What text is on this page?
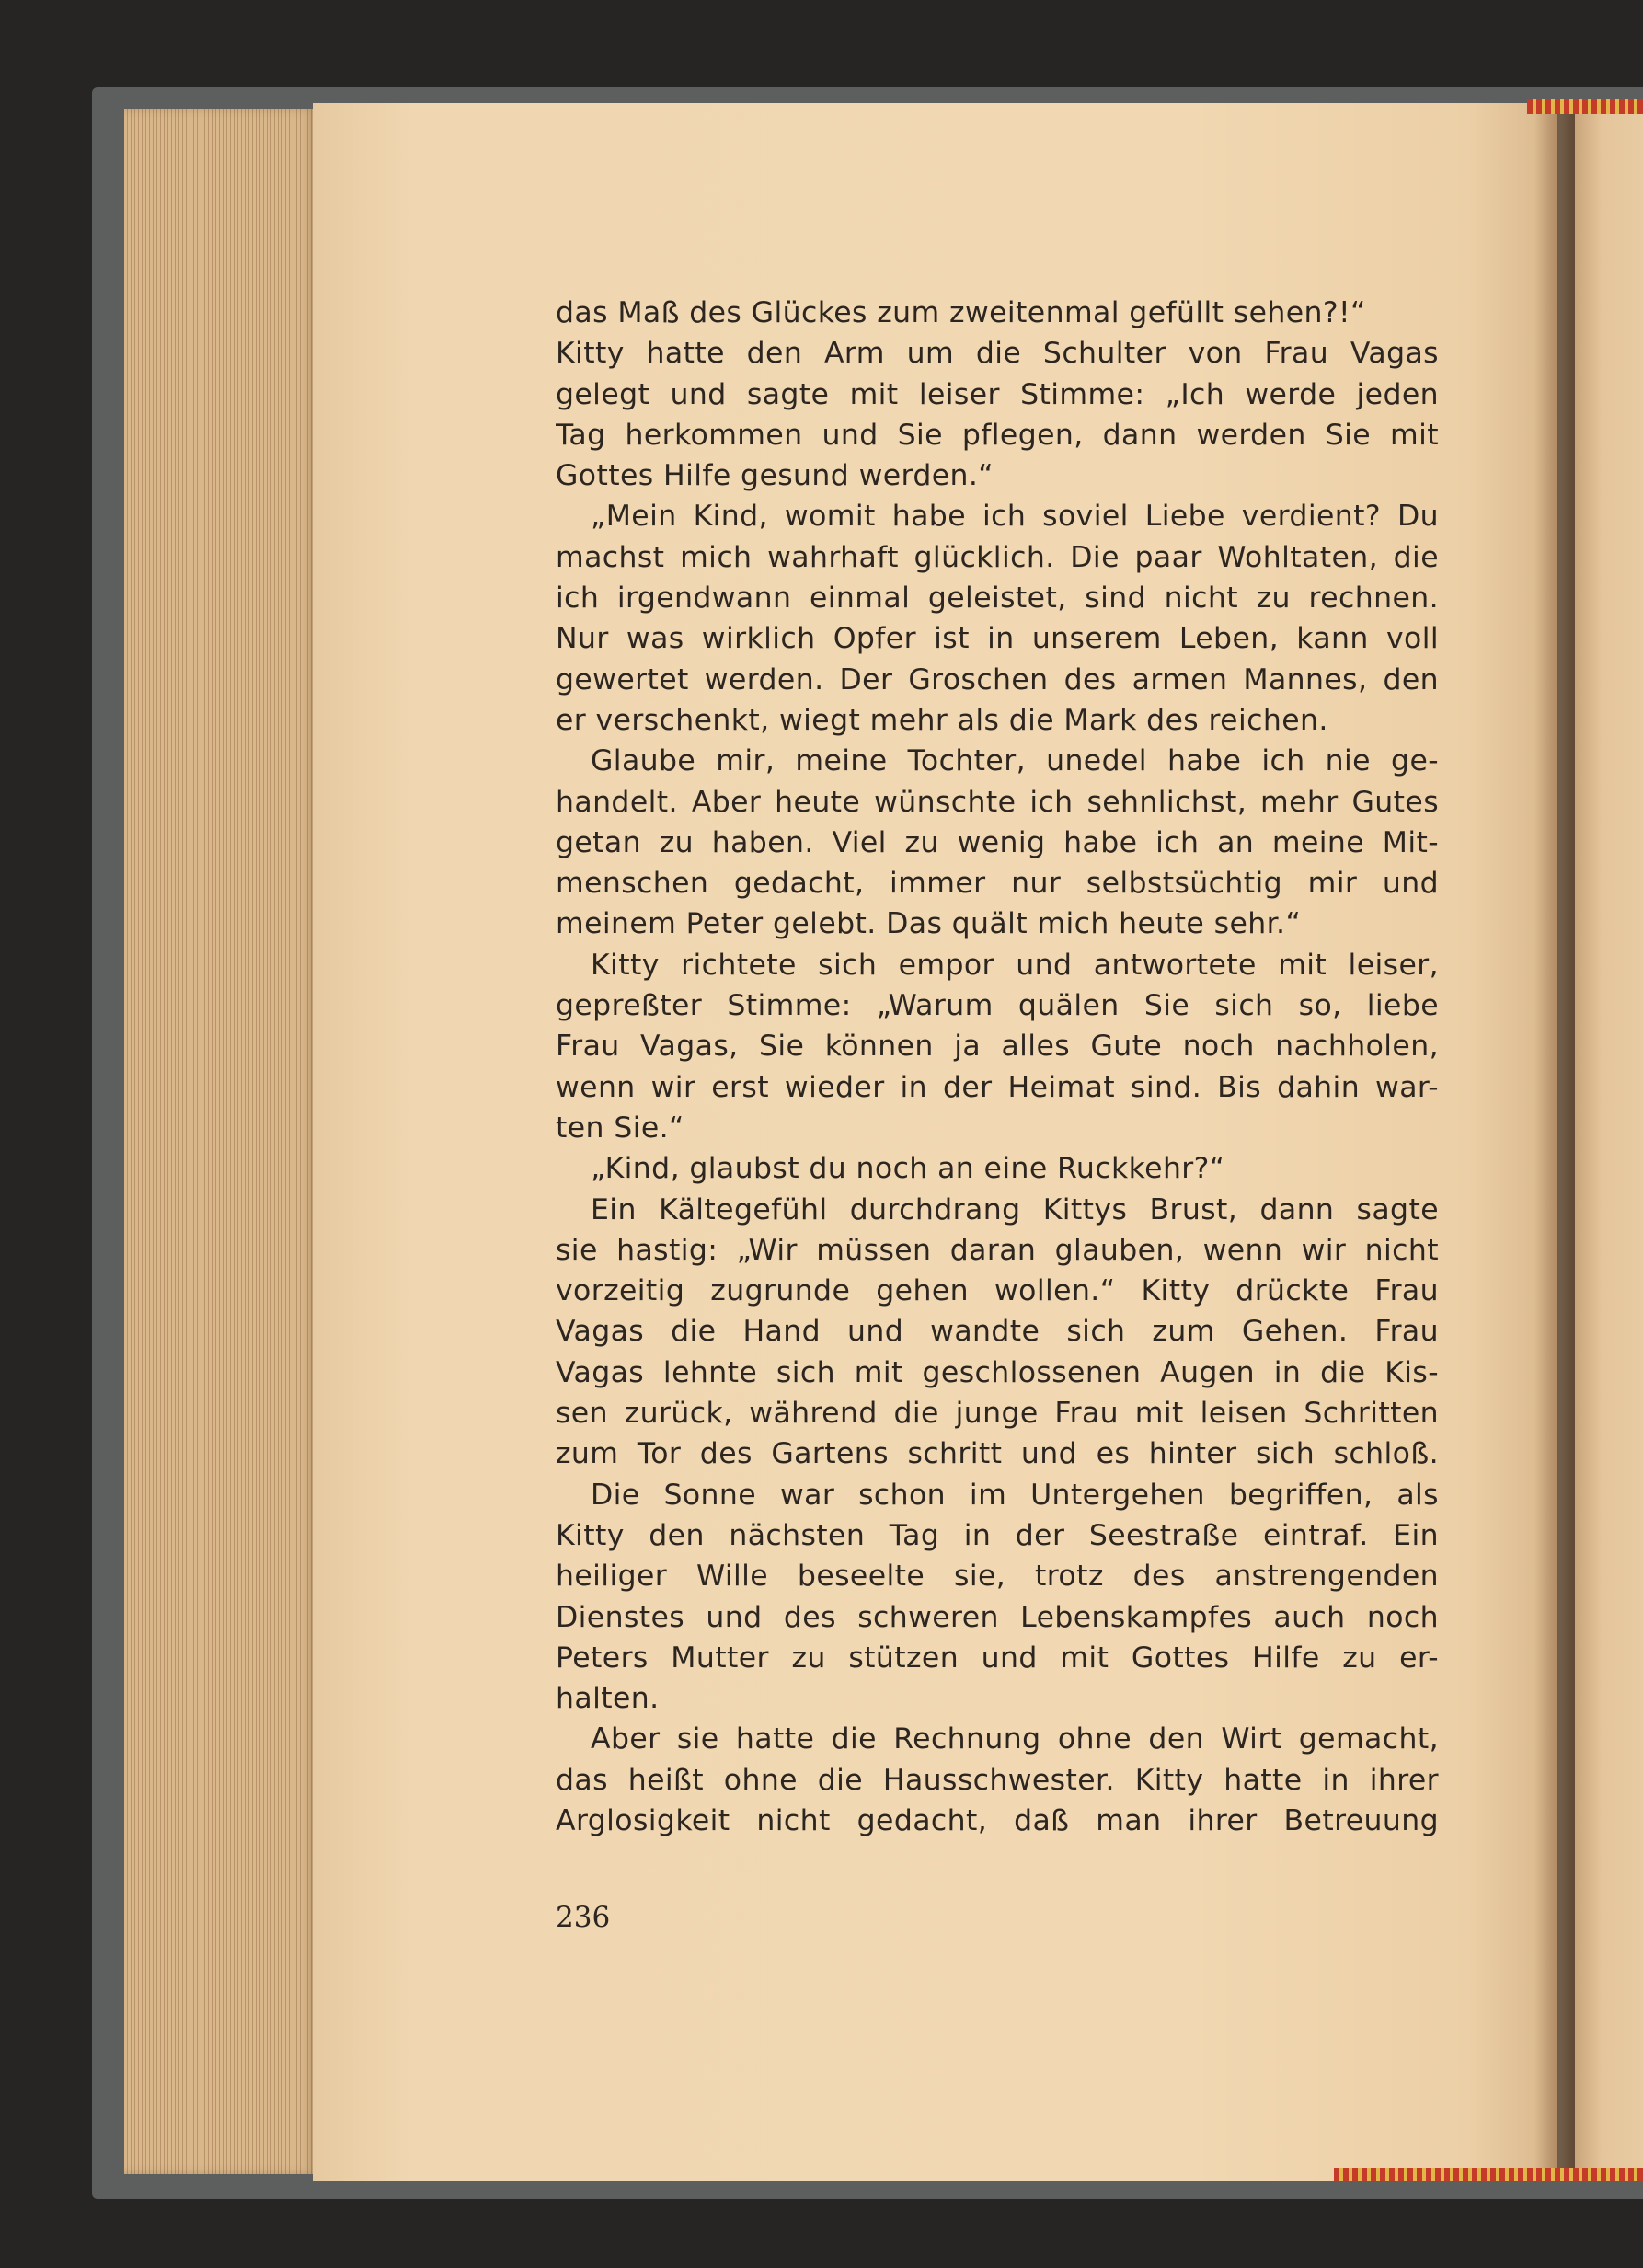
das Maß des Glückes zum zweitenmal gefüllt sehen?!“
Kitty hatte den Arm um die Schulter von Frau Vagas
gelegt und sagte mit leiser Stimme: „Ich werde jeden
Tag herkommen und Sie pflegen, dann werden Sie mit
Gottes Hilfe gesund werden.“
„Mein Kind, womit habe ich soviel Liebe verdient? Du
machst mich wahrhaft glücklich. Die paar Wohltaten, die
ich irgendwann einmal geleistet, sind nicht zu rechnen.
Nur was wirklich Opfer ist in unserem Leben, kann voll
gewertet werden. Der Groschen des armen Mannes, den
er verschenkt, wiegt mehr als die Mark des reichen.
Glaube mir, meine Tochter, unedel habe ich nie ge-
handelt. Aber heute wünschte ich sehnlichst, mehr Gutes
getan zu haben. Viel zu wenig habe ich an meine Mit-
menschen gedacht, immer nur selbstsüchtig mir und
meinem Peter gelebt. Das quält mich heute sehr.“
Kitty richtete sich empor und antwortete mit leiser,
gepreßter Stimme: „Warum quälen Sie sich so, liebe
Frau Vagas, Sie können ja alles Gute noch nachholen,
wenn wir erst wieder in der Heimat sind. Bis dahin war-
ten Sie.“
„Kind, glaubst du noch an eine Ruckkehr?“
Ein Kältegefühl durchdrang Kittys Brust, dann sagte
sie hastig: „Wir müssen daran glauben, wenn wir nicht
vorzeitig zugrunde gehen wollen.“ Kitty drückte Frau
Vagas die Hand und wandte sich zum Gehen. Frau
Vagas lehnte sich mit geschlossenen Augen in die Kis-
sen zurück, während die junge Frau mit leisen Schritten
zum Tor des Gartens schritt und es hinter sich schloß.
Die Sonne war schon im Untergehen begriffen, als
Kitty den nächsten Tag in der Seestraße eintraf. Ein
heiliger Wille beseelte sie, trotz des anstrengenden
Dienstes und des schweren Lebenskampfes auch noch
Peters Mutter zu stützen und mit Gottes Hilfe zu er-
halten.
Aber sie hatte die Rechnung ohne den Wirt gemacht,
das heißt ohne die Hausschwester. Kitty hatte in ihrer
Arglosigkeit nicht gedacht, daß man ihrer Betreuung
236
